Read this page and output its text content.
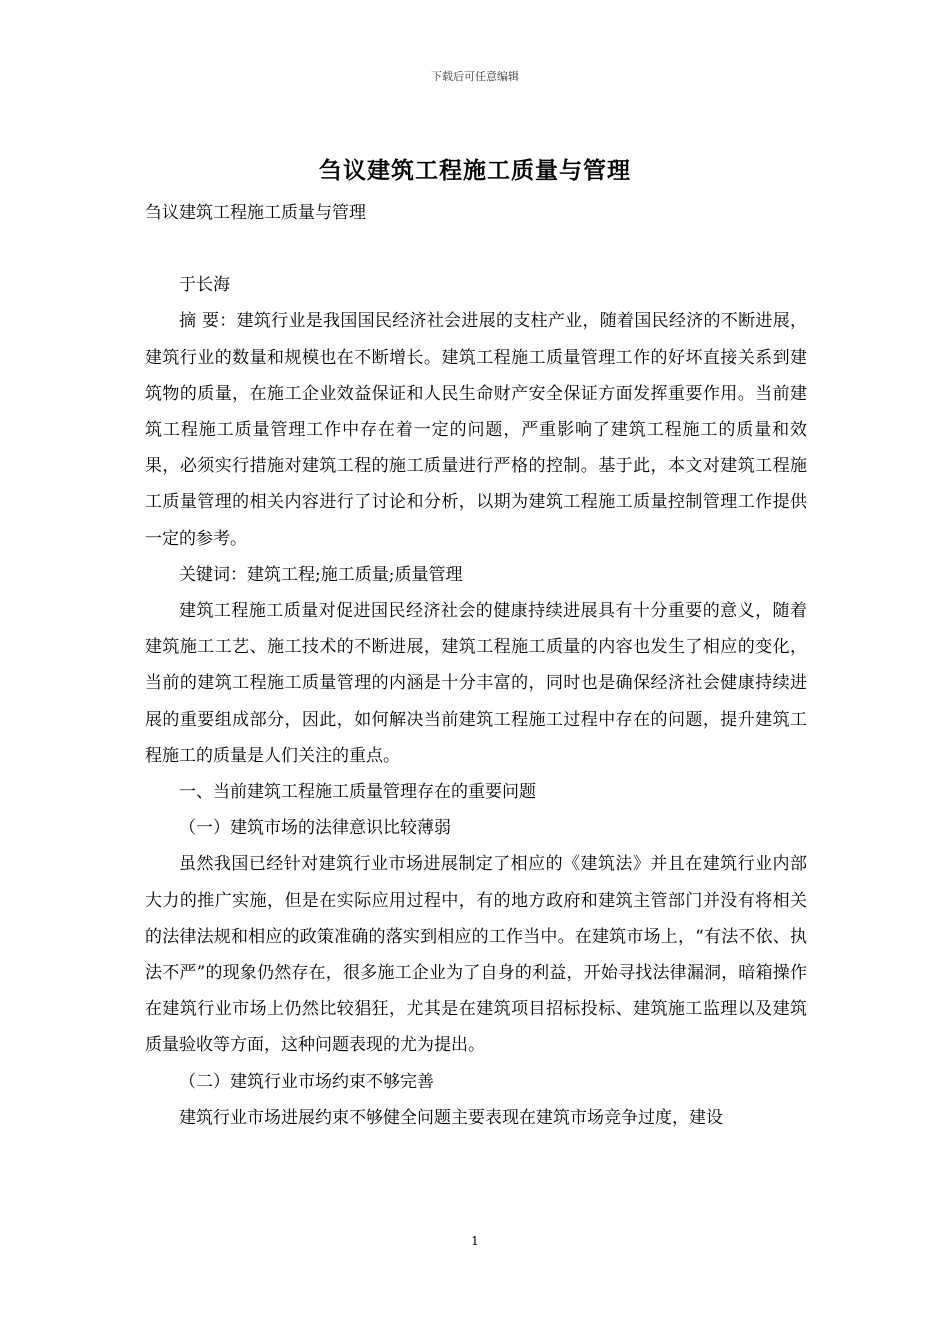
下载后可任意编辑
刍议建筑工程施工质量与管理

刍议建筑工程施工质量与管理

于长海

摘 要：建筑行业是我国国民经济社会进展的支柱产业，随着国民经济的不断进展，建筑行业的数量和规模也在不断增长。建筑工程施工质量管理工作的好坏直接关系到建筑物的质量，在施工企业效益保证和人民生命财产安全保证方面发挥重要作用。当前建筑工程施工质量管理工作中存在着一定的问题，严重影响了建筑工程施工的质量和效果，必须实行措施对建筑工程的施工质量进行严格的控制。基于此，本文对建筑工程施工质量管理的相关内容进行了讨论和分析，以期为建筑工程施工质量控制管理工作提供一定的参考。

关键词：建筑工程;施工质量;质量管理

建筑工程施工质量对促进国民经济社会的健康持续进展具有十分重要的意义，随着建筑施工工艺、施工技术的不断进展，建筑工程施工质量的内容也发生了相应的变化，当前的建筑工程施工质量管理的内涵是十分丰富的，同时也是确保经济社会健康持续进展的重要组成部分，因此，如何解决当前建筑工程施工过程中存在的问题，提升建筑工程施工的质量是人们关注的重点。

一、当前建筑工程施工质量管理存在的重要问题

（一）建筑市场的法律意识比较薄弱

虽然我国已经针对建筑行业市场进展制定了相应的《建筑法》并且在建筑行业内部大力的推广实施，但是在实际应用过程中，有的地方政府和建筑主管部门并没有将相关的法律法规和相应的政策准确的落实到相应的工作当中。在建筑市场上，“有法不依、执法不严”的现象仍然存在，很多施工企业为了自身的利益，开始寻找法律漏洞，暗箱操作在建筑行业市场上仍然比较猖狂，尤其是在建筑项目招标投标、建筑施工监理以及建筑质量验收等方面，这种问题表现的尤为提出。

（二）建筑行业市场约束不够完善

建筑行业市场进展约束不够健全问题主要表现在建筑市场竞争过度，建设

1
